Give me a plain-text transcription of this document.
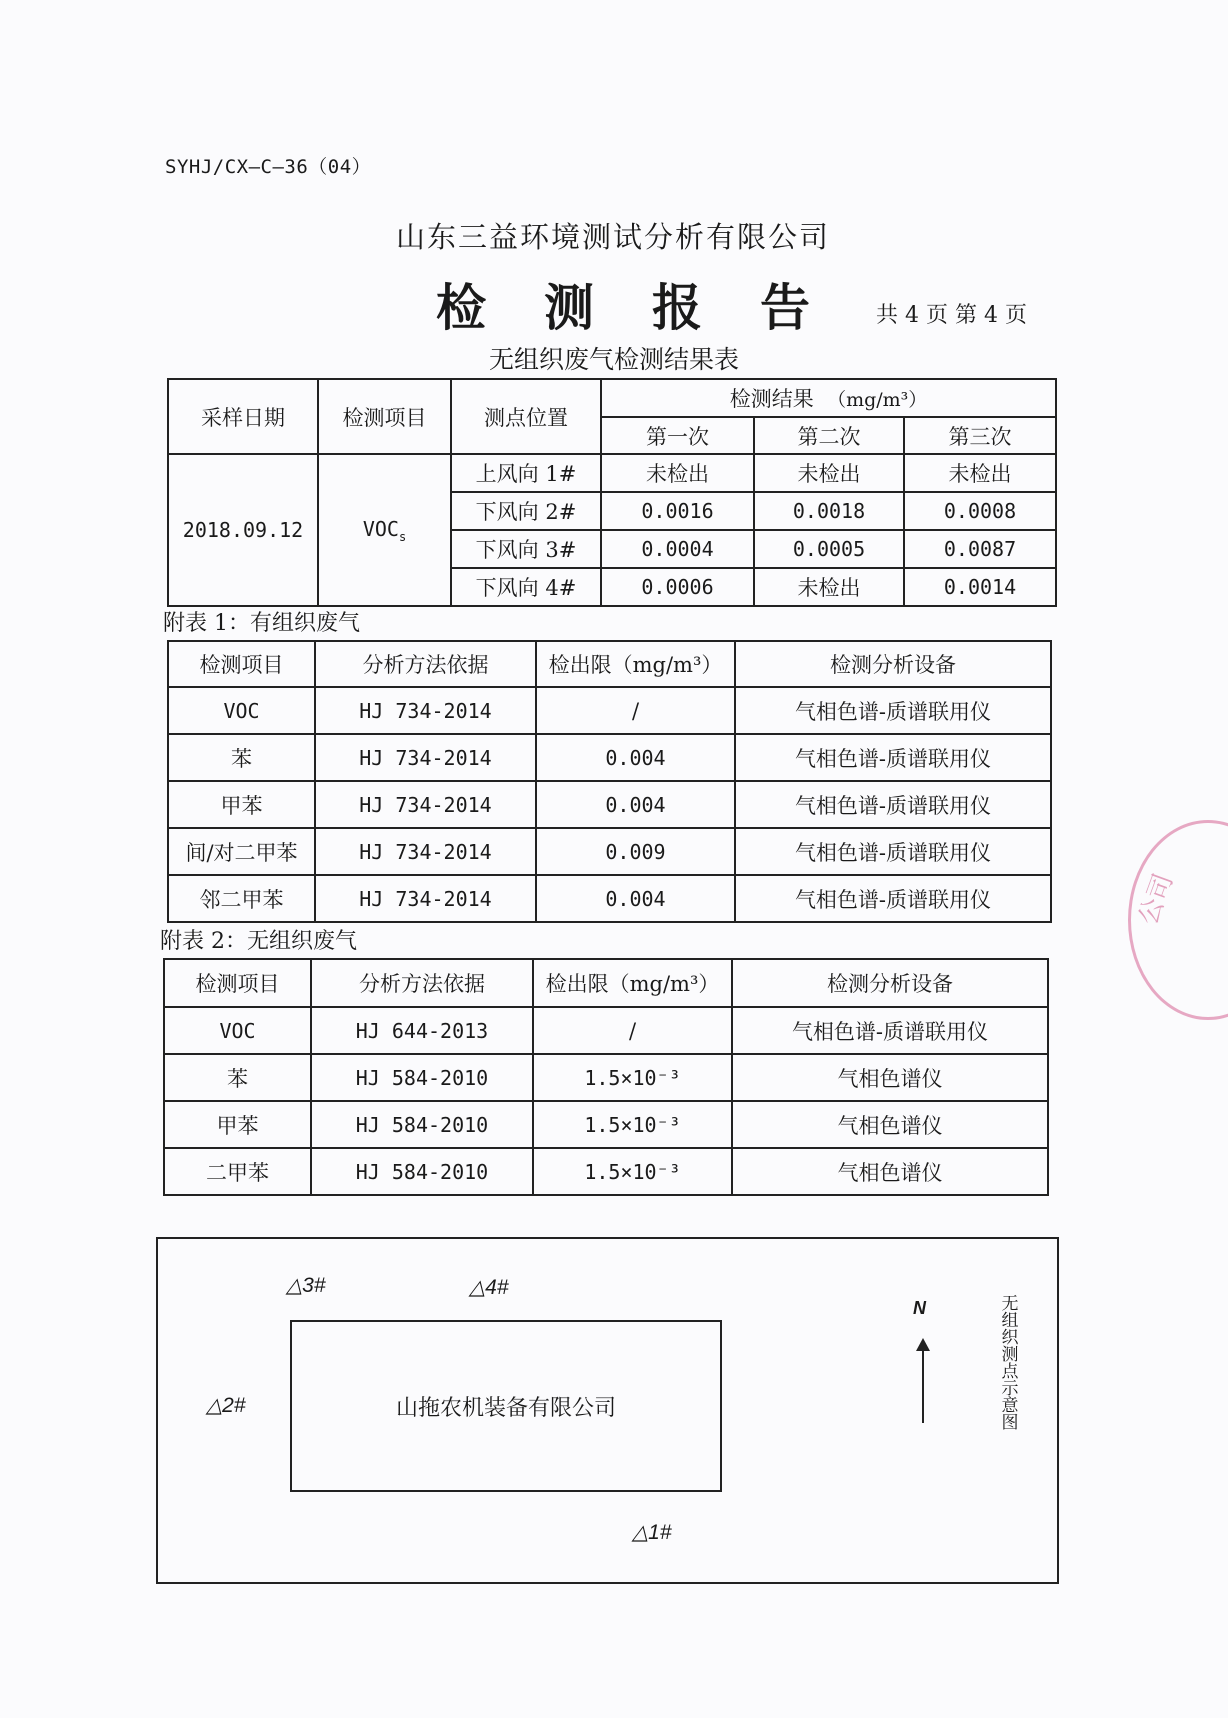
SYHJ/CX—C—36（04）
山东三益环境测试分析有限公司
检测报告 共 4 页 第 4 页
无组织废气检测结果表
采样日期	检测项目	测点位置	检测结果 （mg/m³）		
			第一次	第二次	第三次
2018.09.12	$VOC_s$	上风向 1#	未检出	未检出	未检出
		下风向 2#	0.0016	0.0018	0.0008
		下风向 3#	0.0004	0.0005	0.0087
		下风向 4#	0.0006	未检出	0.0014
附表 1：有组织废气
检测项目	分析方法依据	检出限（mg/m³）	检测分析设备
VOC	HJ 734-2014	/	气相色谱-质谱联用仪
苯	HJ 734-2014	0.004	气相色谱-质谱联用仪
甲苯	HJ 734-2014	0.004	气相色谱-质谱联用仪
间/对二甲苯	HJ 734-2014	0.009	气相色谱-质谱联用仪
邻二甲苯	HJ 734-2014	0.004	气相色谱-质谱联用仪
附表 2：无组织废气
检测项目	分析方法依据	检出限（mg/m³）	检测分析设备
VOC	HJ 644-2013	/	气相色谱-质谱联用仪
苯	HJ 584-2010	1.5×10⁻³	气相色谱仪
甲苯	HJ 584-2010	1.5×10⁻³	气相色谱仪
二甲苯	HJ 584-2010	1.5×10⁻³	气相色谱仪
山拖农机装备有限公司
△3#	△4#
△2#
△1#
N	无组织测点示意图
公司
